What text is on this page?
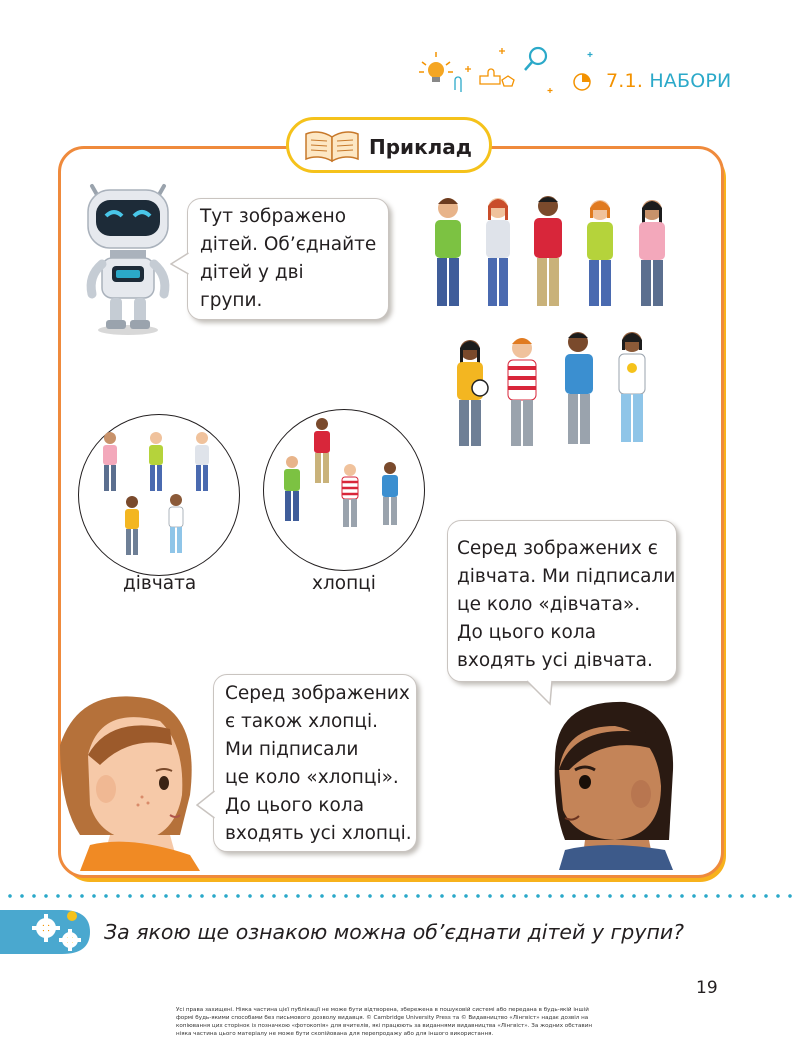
7.1. НАБОРИ
Приклад
Тут зображено
дітей. Об’єднайте
дітей у дві
групи.
дівчата	хлопці
Серед зображених є
дівчата. Ми підписали
це коло «дівчата».
До цього кола
входять усі дівчата.
Серед зображених
є також хлопці.
Ми підписали
це коло «хлопці».
До цього кола
входять усі хлопці.
За якою ще ознакою можна об’єднати дітей у групи?
19
Усі права захищені. Ніяка частина цієї публікації не може бути відтворена, збережена в пошуковій системі або передана в будь-якій іншій
формі будь-якими способами без письмового дозволу видавця. © Cambridge University Press та © Видавництво «Лінгвіст» надає дозвіл на
копіювання цих сторінок із позначкою «фотокопія» для вчителів, які працюють за виданнями видавництва «Лінгвіст». За жодних обставин
ніяка частина цього матеріалу не може бути скопійована для перепродажу або для іншого використання.
